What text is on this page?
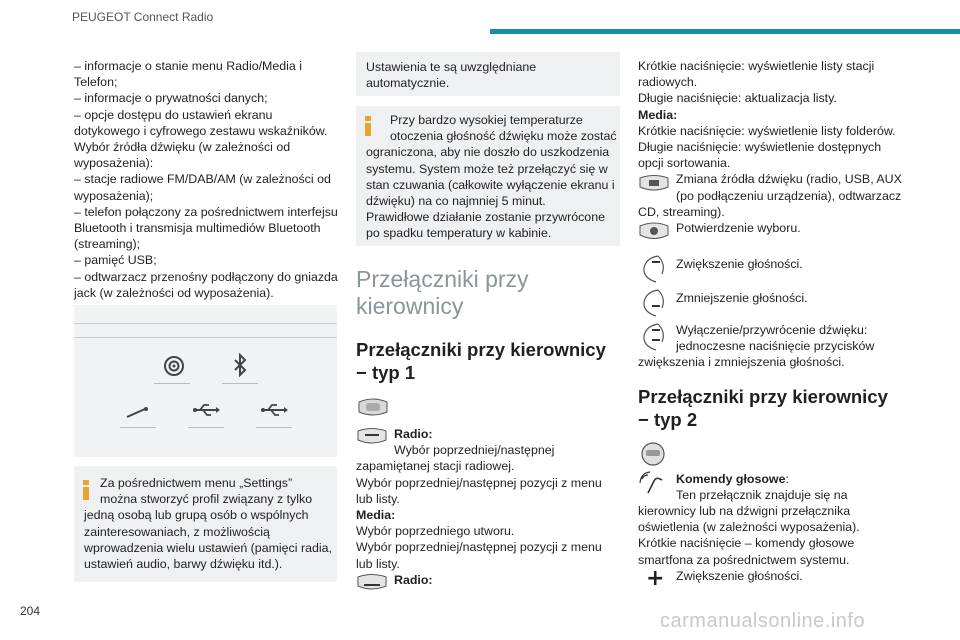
PEUGEOT Connect Radio
– informacje o stanie menu Radio/Media i
Telefon;
– informacje o prywatności danych;
– opcje dostępu do ustawień ekranu
dotykowego i cyfrowego zestawu wskaźników.
Wybór źródła dźwięku (w zależności od
wyposażenia):
– stacje radiowe FM/DAB/AM (w zależności od
wyposażenia);
– telefon połączony za pośrednictwem interfejsu
Bluetooth i transmisja multimediów Bluetooth
(streaming);
– pamięć USB;
– odtwarzacz przenośny podłączony do gniazda
jack (w zależności od wyposażenia).
Za pośrednictwem menu „Settings”
można stworzyć profil związany z tylko
jedną osobą lub grupą osób o wspólnych
zainteresowaniach, z możliwością
wprowadzenia wielu ustawień (pamięci radia,
ustawień audio, barwy dźwięku itd.).
Ustawienia te są uwzględniane
automatycznie.
Przy bardzo wysokiej temperaturze
otoczenia głośność dźwięku może zostać
ograniczona, aby nie doszło do uszkodzenia
systemu. System może też przełączyć się w
stan czuwania (całkowite wyłączenie ekranu i
dźwięku) na co najmniej 5 minut.
Prawidłowe działanie zostanie przywrócone
po spadku temperatury w kabinie.
Przełączniki przy
kierownicy
Przełączniki przy kierownicy
− typ 1
Radio:
Wybór poprzedniej/następnej
zapamiętanej stacji radiowej.
Wybór poprzedniej/następnej pozycji z menu
lub listy.
Media:
Wybór poprzedniego utworu.
Wybór poprzedniej/następnej pozycji z menu
lub listy.
Radio:
Krótkie naciśnięcie: wyświetlenie listy stacji
radiowych.
Długie naciśnięcie: aktualizacja listy.
Media:
Krótkie naciśnięcie: wyświetlenie listy folderów.
Długie naciśnięcie: wyświetlenie dostępnych
opcji sortowania.
Zmiana źródła dźwięku (radio, USB, AUX
(po podłączeniu urządzenia), odtwarzacz
CD, streaming).
Potwierdzenie wyboru.
Zwiększenie głośności.
Zmniejszenie głośności.
Wyłączenie/przywrócenie dźwięku:
jednoczesne naciśnięcie przycisków
zwiększenia i zmniejszenia głośności.
Przełączniki przy kierownicy
− typ 2
Komendy głosowe:
Ten przełącznik znajduje się na
kierownicy lub na dźwigni przełącznika
oświetlenia (w zależności wyposażenia).
Krótkie naciśnięcie – komendy głosowe
smartfona za pośrednictwem systemu.
+ Zwiększenie głośności.
204	carmanualsonline.info
